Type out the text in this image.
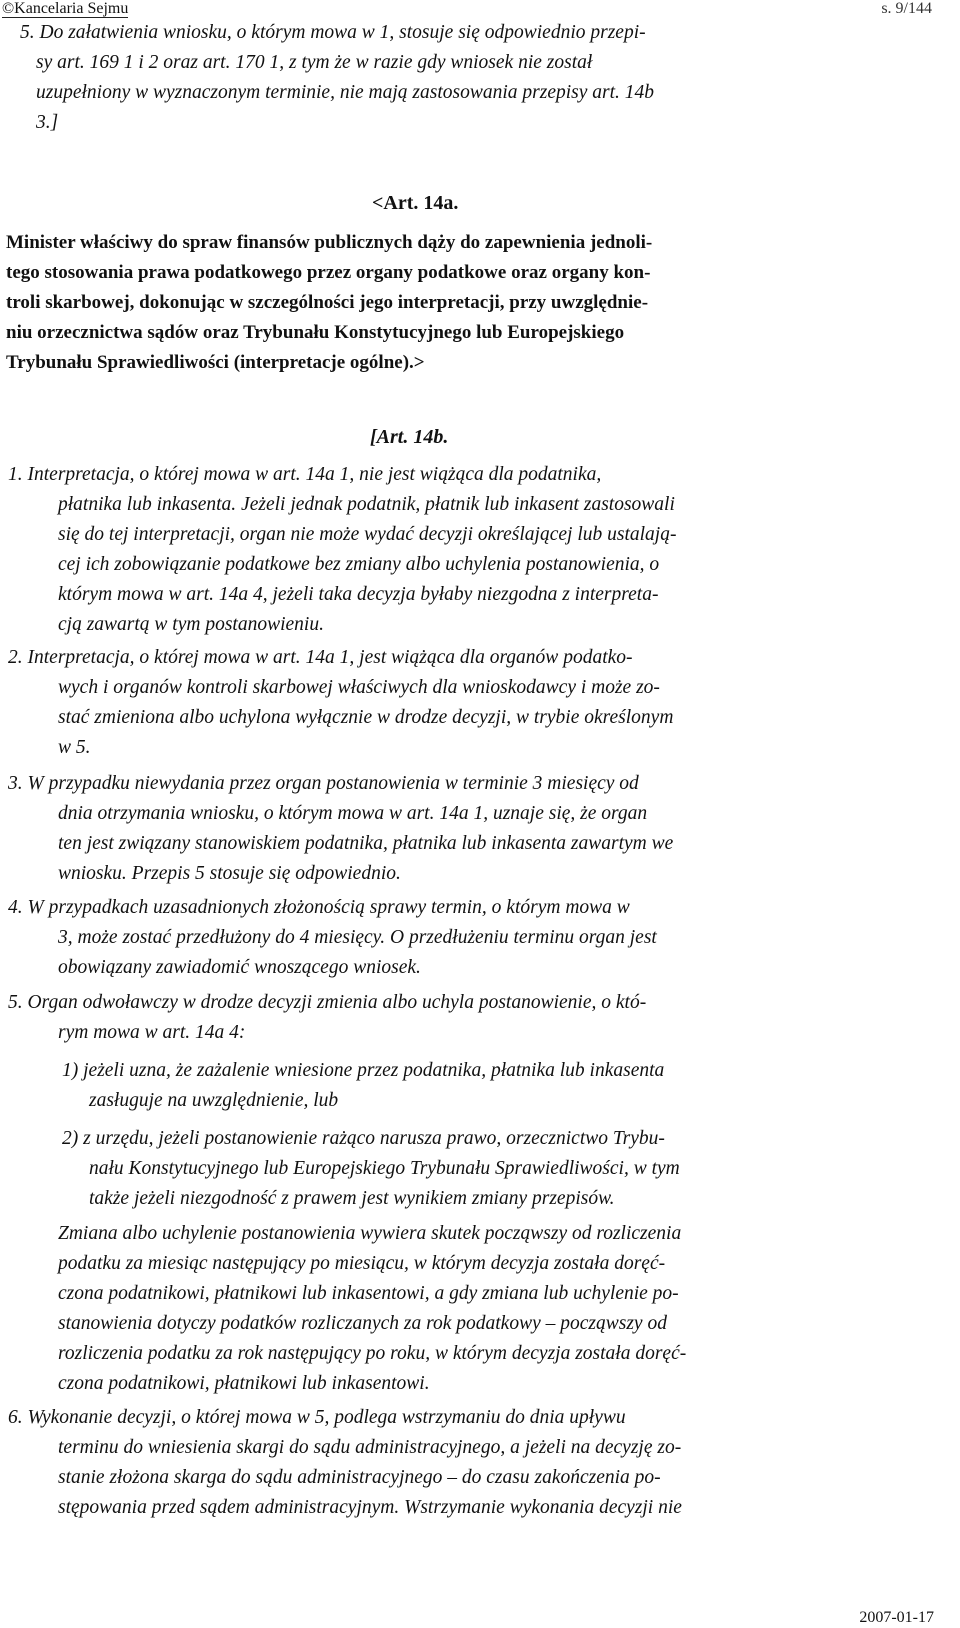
©Kancelaria Sejmu	s. 9/144
5. Do załatwienia wniosku, o którym mowa w 1, stosuje się odpowiednio przepi-
sy art. 169 1 i 2 oraz art. 170 1, z tym że w razie gdy wniosek nie został
uzupełniony w wyznaczonym terminie, nie mają zastosowania przepisy art. 14b
3.]
<Art. 14a.
Minister właściwy do spraw finansów publicznych dąży do zapewnienia jednoli-
tego stosowania prawa podatkowego przez organy podatkowe oraz organy kon-
troli skarbowej, dokonując w szczególności jego interpretacji, przy uwzględnie-
niu orzecznictwa sądów oraz Trybunału Konstytucyjnego lub Europejskiego
Trybunału Sprawiedliwości (interpretacje ogólne).>
[Art. 14b.
1. Interpretacja, o której mowa w art. 14a 1, nie jest wiążąca dla podatnika,
płatnika lub inkasenta. Jeżeli jednak podatnik, płatnik lub inkasent zastosowali
się do tej interpretacji, organ nie może wydać decyzji określającej lub ustalają-
cej ich zobowiązanie podatkowe bez zmiany albo uchylenia postanowienia, o
którym mowa w art. 14a 4, jeżeli taka decyzja byłaby niezgodna z interpreta-
cją zawartą w tym postanowieniu.
2. Interpretacja, o której mowa w art. 14a 1, jest wiążąca dla organów podatko-
wych i organów kontroli skarbowej właściwych dla wnioskodawcy i może zo-
stać zmieniona albo uchylona wyłącznie w drodze decyzji, w trybie określonym
w 5.
3. W przypadku niewydania przez organ postanowienia w terminie 3 miesięcy od
dnia otrzymania wniosku, o którym mowa w art. 14a 1, uznaje się, że organ
ten jest związany stanowiskiem podatnika, płatnika lub inkasenta zawartym we
wniosku. Przepis 5 stosuje się odpowiednio.
4. W przypadkach uzasadnionych złożonością sprawy termin, o którym mowa w
3, może zostać przedłużony do 4 miesięcy. O przedłużeniu terminu organ jest
obowiązany zawiadomić wnoszącego wniosek.
5. Organ odwoławczy w drodze decyzji zmienia albo uchyla postanowienie, o któ-
rym mowa w art. 14a 4:
1) jeżeli uzna, że zażalenie wniesione przez podatnika, płatnika lub inkasenta
zasługuje na uwzględnienie, lub
2) z urzędu, jeżeli postanowienie rażąco narusza prawo, orzecznictwo Trybu-
nału Konstytucyjnego lub Europejskiego Trybunału Sprawiedliwości, w tym
także jeżeli niezgodność z prawem jest wynikiem zmiany przepisów.
Zmiana albo uchylenie postanowienia wywiera skutek począwszy od rozliczenia
podatku za miesiąc następujący po miesiącu, w którym decyzja została doręć-
czona podatnikowi, płatnikowi lub inkasentowi, a gdy zmiana lub uchylenie po-
stanowienia dotyczy podatków rozliczanych za rok podatkowy – począwszy od
rozliczenia podatku za rok następujący po roku, w którym decyzja została doręć-
czona podatnikowi, płatnikowi lub inkasentowi.
6. Wykonanie decyzji, o której mowa w 5, podlega wstrzymaniu do dnia upływu
terminu do wniesienia skargi do sądu administracyjnego, a jeżeli na decyzję zo-
stanie złożona skarga do sądu administracyjnego – do czasu zakończenia po-
stępowania przed sądem administracyjnym. Wstrzymanie wykonania decyzji nie
2007-01-17
